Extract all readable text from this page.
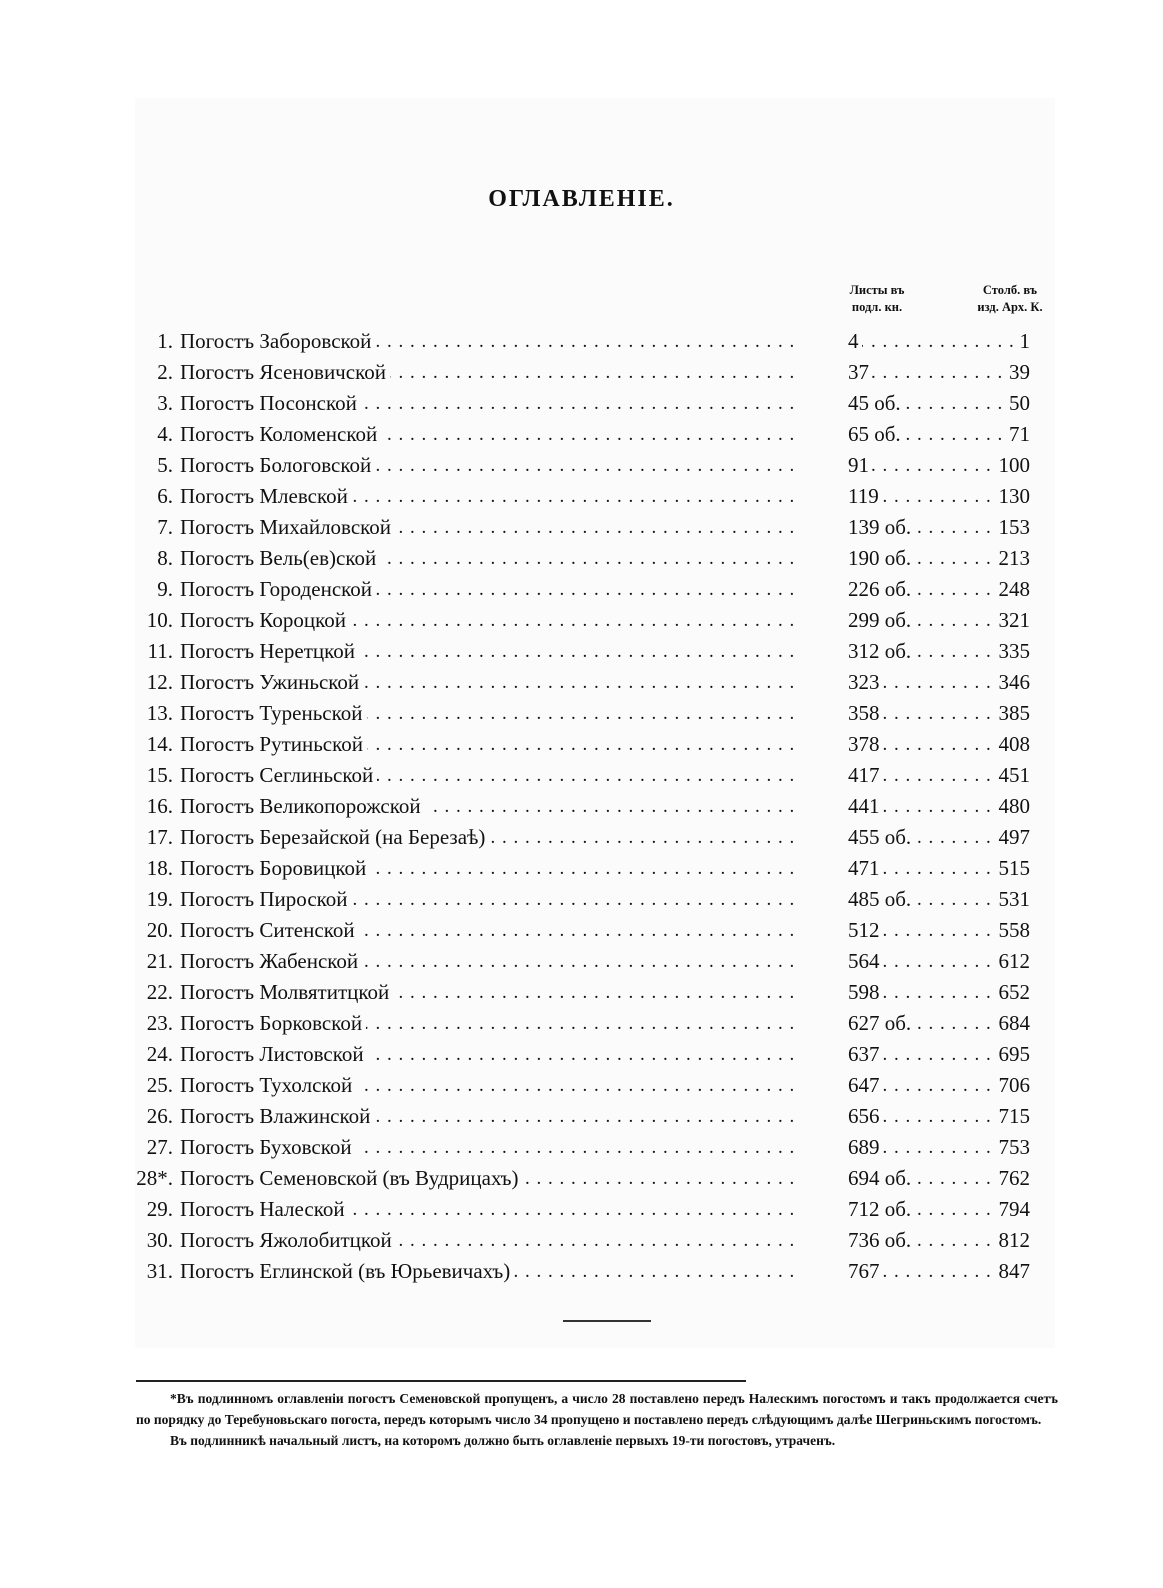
ОГЛАВЛЕНІЕ.
Листы въ
подл. кн.
Столб. въ
изд. Арх. К.
1. Погостъ Заборовской . . .	4	1
. . .
2. Погостъ Ясеновичской . . .	37	39
. . .
3. Погостъ Посонской . . .	45 об.	50
. . .
4. Погостъ Коломенской . . .	65 об.	71
. . .
5. Погостъ Бологовской . . .	91	100
. . .
6. Погостъ Млевской . . .	119	130
. . .
7. Погостъ Михайловской . . .	139 об.	153
. . .
8. Погостъ Вель(ев)ской . . .	190 об.	213
. . .
9. Погостъ Городенской . . .	226 об.	248
. . .
10. Погостъ Короцкой . . .	299 об.	321
. . .
11. Погостъ Неретцкой . . .	312 об.	335
. . .
12. Погостъ Ужиньской . . .	323	346
. . .
13. Погостъ Туреньской . . .	358	385
. . .
14. Погостъ Рутиньской . . .	378	408
. . .
15. Погостъ Сеглиньской . . .	417	451
. . .
16. Погостъ Великопорожской . . .	441	480
. . .
17. Погостъ Березайской (на Березаѣ) . . .	455 об.	497
. . .
18. Погостъ Боровицкой . . .	471	515
. . .
19. Погостъ Пироской . . .	485 об.	531
. . .
20. Погостъ Ситенской . . .	512	558
. . .
21. Погостъ Жабенской . . .	564	612
. . .
22. Погостъ Молвятитцкой . . .	598	652
. . .
23. Погостъ Борковской . . .	627 об.	684
. . .
24. Погостъ Листовской . . .	637	695
. . .
25. Погостъ Тухолской . . .	647	706
. . .
26. Погостъ Влажинской . . .	656	715
. . .
27. Погостъ Буховской . . .	689	753
. . .
28*. Погостъ Семеновской (въ Вудрицахъ) . . .	694 об.	762
. . .
29. Погостъ Налеской . . .	712 об.	794
. . .
30. Погостъ Яжолобитцкой . . .	736 об.	812
. . .
31. Погостъ Еглинской (въ Юрьевичахъ) . . .	767	847
. . .

*Въ подлинномъ оглавленіи погостъ Семеновской пропущенъ, а число 28 поставлено передъ Налескимъ погостомъ и такъ продолжается счетъ по порядку до Теребуновьскаго погоста, передъ которымъ число 34 пропущено и поставлено передъ слѣдующимъ далѣе Шегриньскимъ погостомъ.

Въ подлинникѣ начальный листъ, на которомъ должно быть оглавленіе первыхъ 19-ти погостовъ, утраченъ.
